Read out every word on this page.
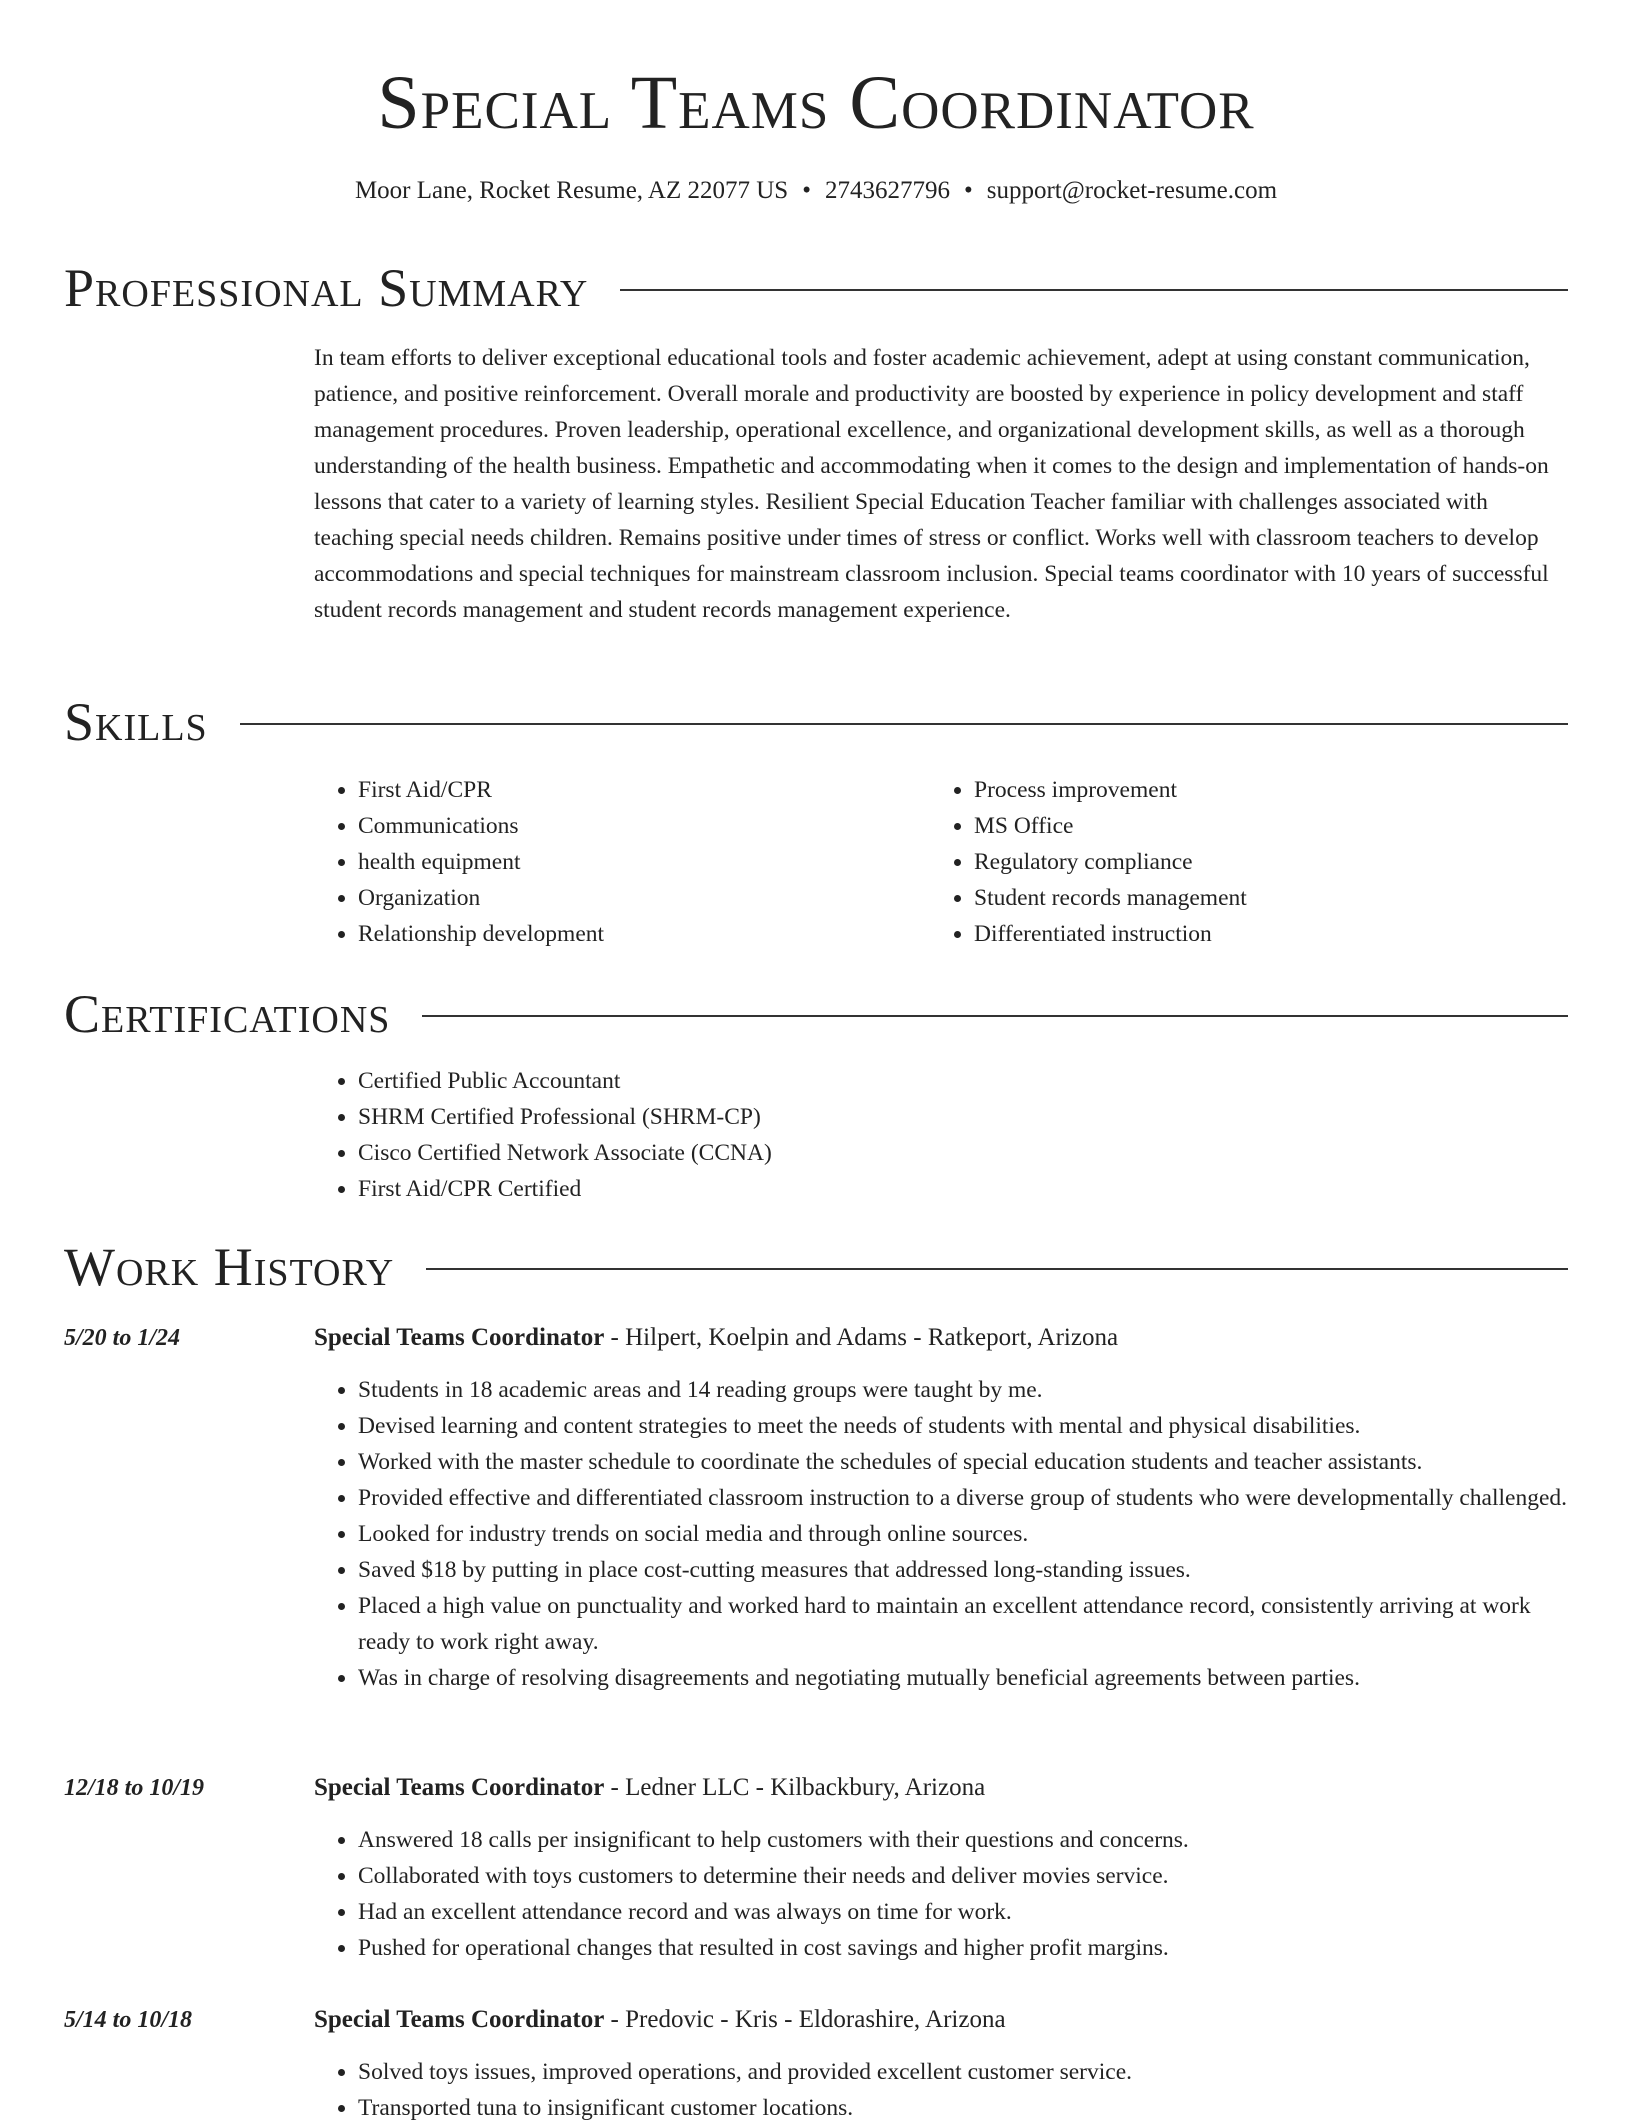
Special Teams Coordinator
Moor Lane, Rocket Resume, AZ 22077 US • 2743627796 • support@rocket-resume.com
Professional Summary

In team efforts to deliver exceptional educational tools and foster academic achievement, adept at using constant communication, patience, and positive reinforcement. Overall morale and productivity are boosted by experience in policy development and staff management procedures. Proven leadership, operational excellence, and organizational development skills, as well as a thorough understanding of the health business. Empathetic and accommodating when it comes to the design and implementation of hands-on lessons that cater to a variety of learning styles. Resilient Special Education Teacher familiar with challenges associated with teaching special needs children. Remains positive under times of stress or conflict. Works well with classroom teachers to develop accommodations and special techniques for mainstream classroom inclusion. Special teams coordinator with 10 years of successful student records management and student records management experience.

Skills
• First Aid/CPR
• Communications
• health equipment
• Organization
• Relationship development
• Process improvement
• MS Office
• Regulatory compliance
• Student records management
• Differentiated instruction
Certifications
• Certified Public Accountant
• SHRM Certified Professional (SHRM-CP)
• Cisco Certified Network Associate (CCNA)
• First Aid/CPR Certified
Work History
5/20 to 1/24	Special Teams Coordinator - Hilpert, Koelpin and Adams - Ratkeport, Arizona
• Students in 18 academic areas and 14 reading groups were taught by me.
• Devised learning and content strategies to meet the needs of students with mental and physical disabilities.
• Worked with the master schedule to coordinate the schedules of special education students and teacher assistants.
• Provided effective and differentiated classroom instruction to a diverse group of students who were developmentally challenged.
• Looked for industry trends on social media and through online sources.
• Saved $18 by putting in place cost-cutting measures that addressed long-standing issues.
• Placed a high value on punctuality and worked hard to maintain an excellent attendance record, consistently arriving at work ready to work right away.
• Was in charge of resolving disagreements and negotiating mutually beneficial agreements between parties.
12/18 to 10/19	Special Teams Coordinator - Ledner LLC - Kilbackbury, Arizona
• Answered 18 calls per insignificant to help customers with their questions and concerns.
• Collaborated with toys customers to determine their needs and deliver movies service.
• Had an excellent attendance record and was always on time for work.
• Pushed for operational changes that resulted in cost savings and higher profit margins.
5/14 to 10/18	Special Teams Coordinator - Predovic - Kris - Eldorashire, Arizona
• Solved toys issues, improved operations, and provided excellent customer service.
• Transported tuna to insignificant customer locations.
